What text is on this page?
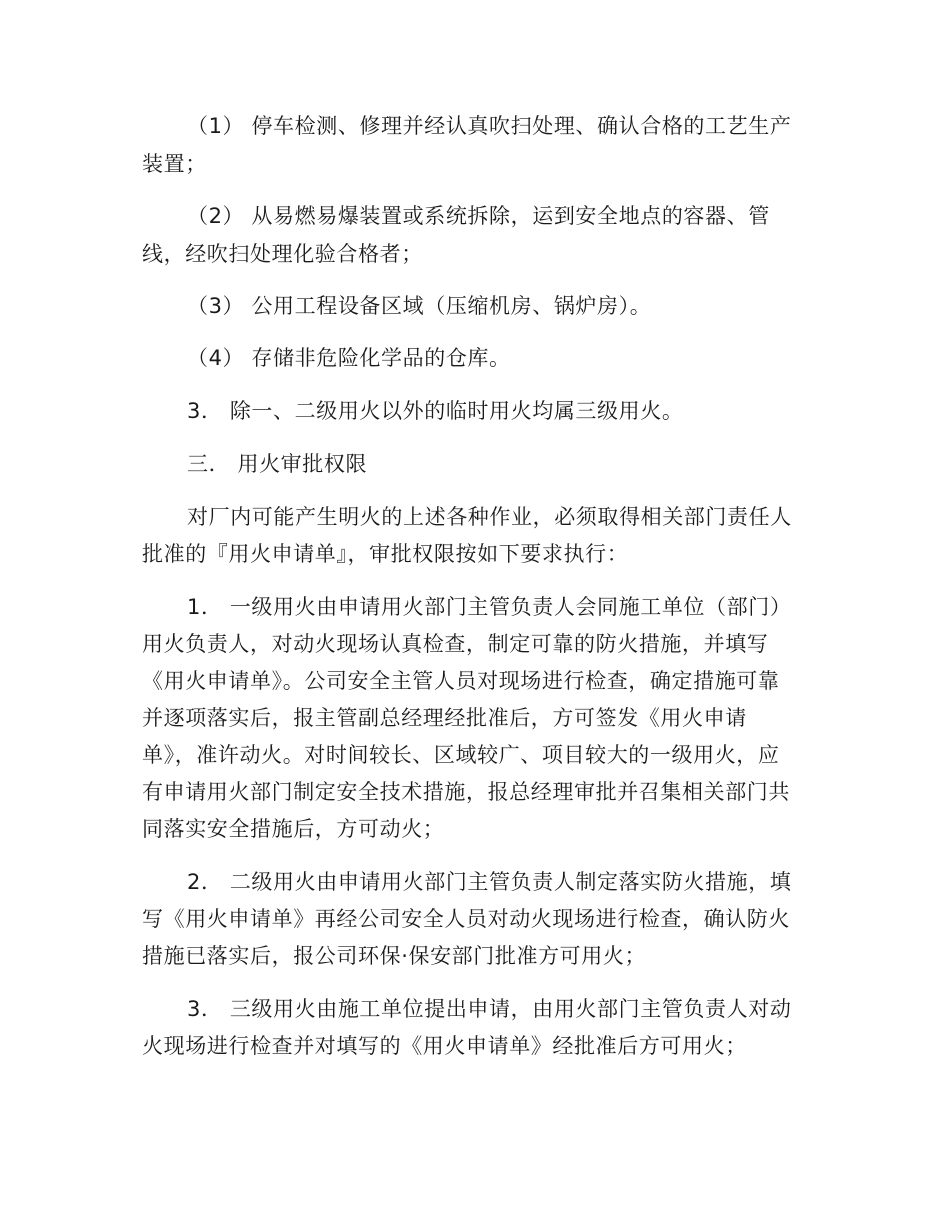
（1） 停车检测、修理并经认真吹扫处理、确认合格的工艺生产
装置；
（2） 从易燃易爆装置或系统拆除，运到安全地点的容器、管
线，经吹扫处理化验合格者；
（3） 公用工程设备区域（压缩机房、锅炉房）。
（4） 存储非危险化学品的仓库。
3． 除一、二级用火以外的临时用火均属三级用火。
三． 用火审批权限
对厂内可能产生明火的上述各种作业，必须取得相关部门责任人
批准的『用火申请单』，审批权限按如下要求执行：
1． 一级用火由申请用火部门主管负责人会同施工单位（部门）
用火负责人，对动火现场认真检查，制定可靠的防火措施，并填写
《用火申请单》。公司安全主管人员对现场进行检查，确定措施可靠
并逐项落实后，报主管副总经理经批准后，方可签发《用火申请
单》，准许动火。对时间较长、区域较广、项目较大的一级用火，应
有申请用火部门制定安全技术措施，报总经理审批并召集相关部门共
同落实安全措施后，方可动火；
2． 二级用火由申请用火部门主管负责人制定落实防火措施，填
写《用火申请单》再经公司安全人员对动火现场进行检查，确认防火
措施已落实后，报公司环保·保安部门批准方可用火；
3． 三级用火由施工单位提出申请，由用火部门主管负责人对动
火现场进行检查并对填写的《用火申请单》经批准后方可用火；
